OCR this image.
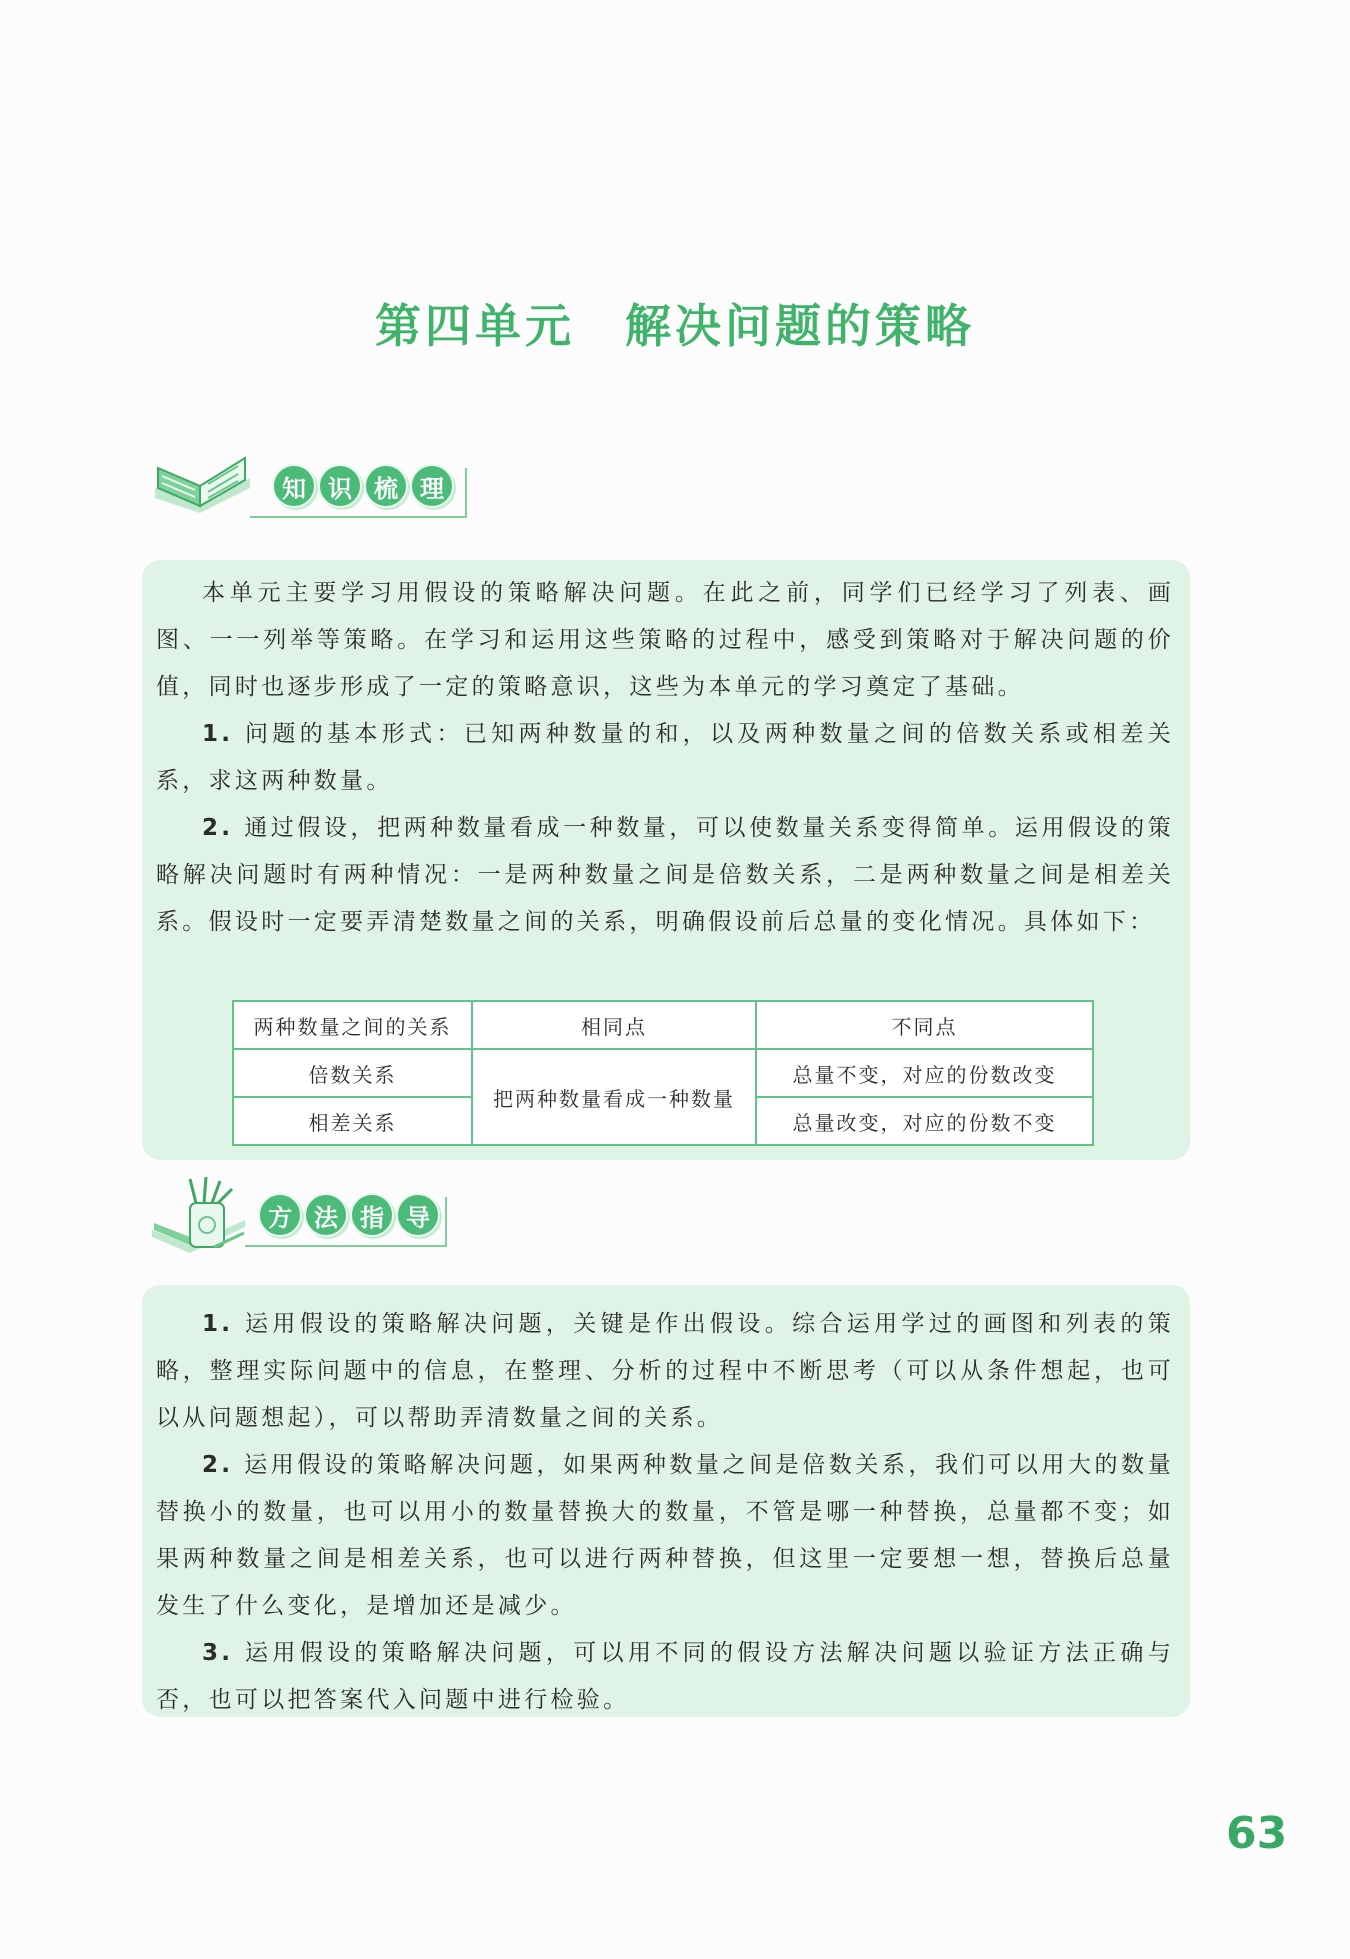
第四单元　解决问题的策略
知 识 梳 理

本单元主要学习用假设的策略解决问题。在此之前，同学们已经学习了列表、画图、一一列举等策略。在学习和运用这些策略的过程中，感受到策略对于解决问题的价值，同时也逐步形成了一定的策略意识，这些为本单元的学习奠定了基础。

1. 问题的基本形式：已知两种数量的和，以及两种数量之间的倍数关系或相差关系，求这两种数量。

2. 通过假设，把两种数量看成一种数量，可以使数量关系变得简单。运用假设的策略解决问题时有两种情况：一是两种数量之间是倍数关系，二是两种数量之间是相差关系。假设时一定要弄清楚数量之间的关系，明确假设前后总量的变化情况。具体如下：

两种数量之间的关系	相同点	不同点
倍数关系	把两种数量看成一种数量	总量不变，对应的份数改变
相差关系		总量改变，对应的份数不变
方 法 指 导

1. 运用假设的策略解决问题，关键是作出假设。综合运用学过的画图和列表的策略，整理实际问题中的信息，在整理、分析的过程中不断思考（可以从条件想起，也可以从问题想起），可以帮助弄清数量之间的关系。

2. 运用假设的策略解决问题，如果两种数量之间是倍数关系，我们可以用大的数量替换小的数量，也可以用小的数量替换大的数量，不管是哪一种替换，总量都不变；如果两种数量之间是相差关系，也可以进行两种替换，但这里一定要想一想，替换后总量发生了什么变化，是增加还是减少。

3. 运用假设的策略解决问题，可以用不同的假设方法解决问题以验证方法正确与否，也可以把答案代入问题中进行检验。

63
